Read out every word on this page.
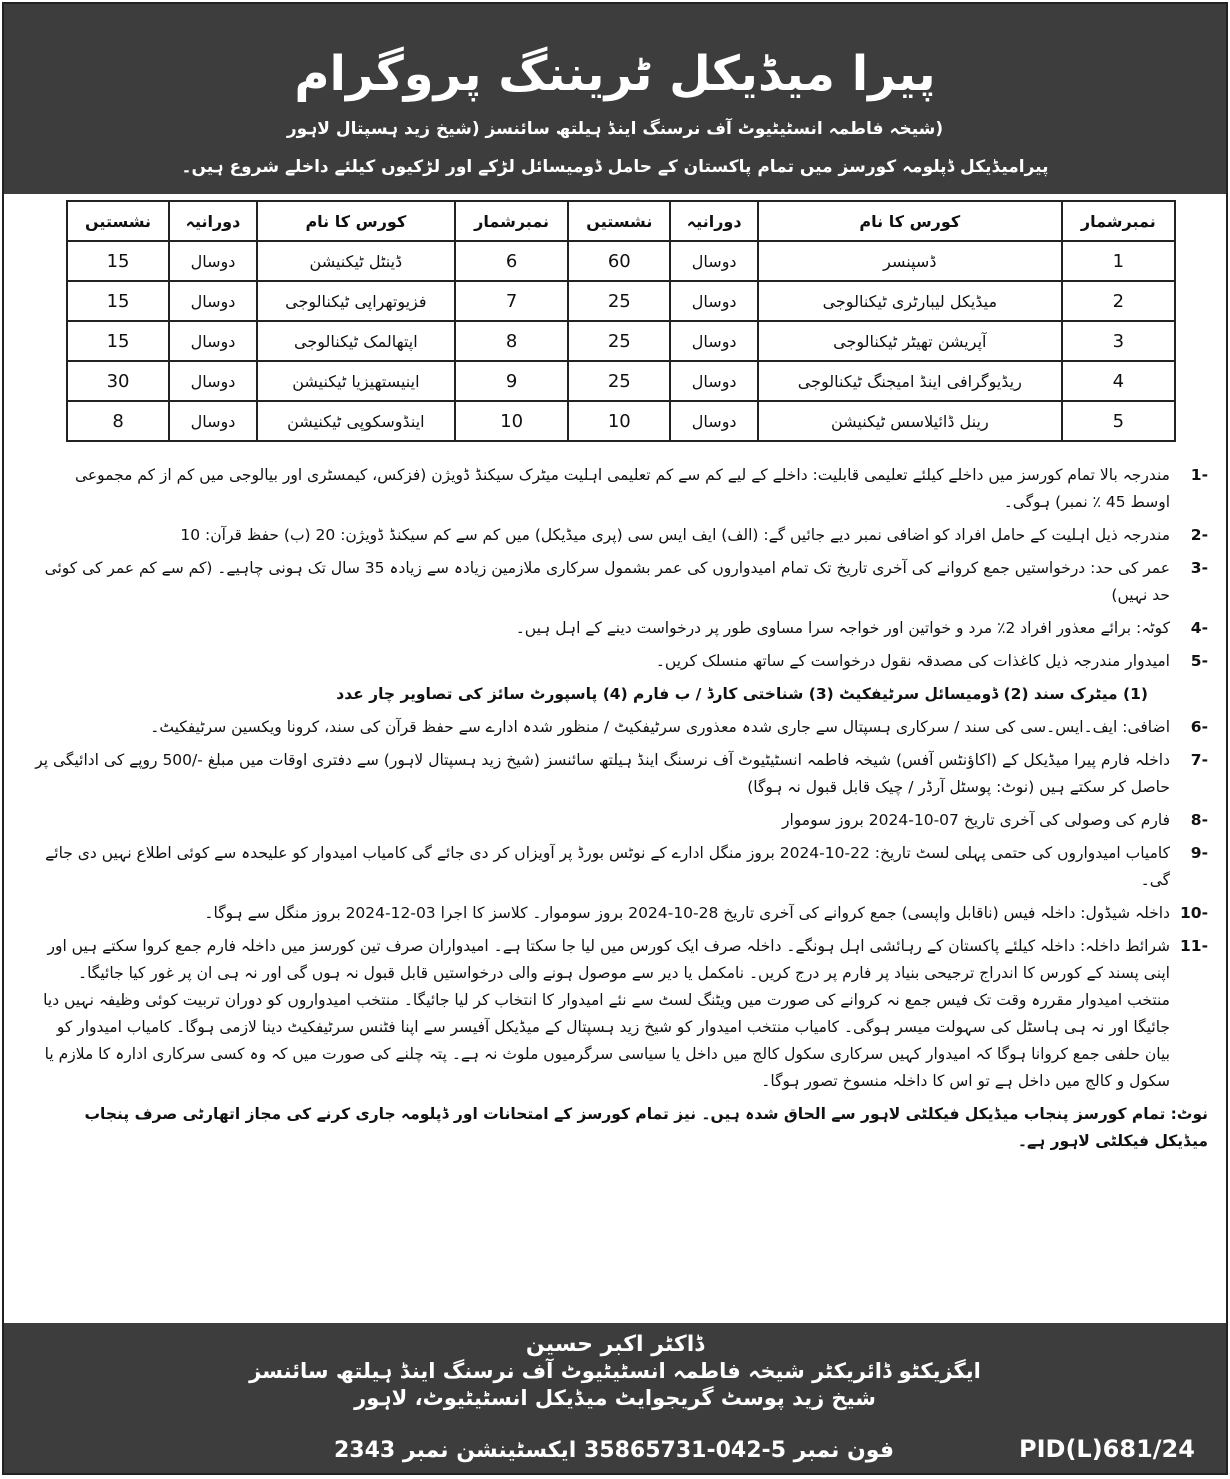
پیرا میڈیکل ٹریننگ پروگرام
(شیخہ فاطمہ انسٹیٹیوٹ آف نرسنگ اینڈ ہیلتھ سائنسز (شیخ زید ہسپتال لاہور
پیرامیڈیکل ڈپلومہ کورسز میں تمام پاکستان کے حامل ڈومیسائل لڑکے اور لڑکیوں کیلئے داخلے شروع ہیں۔
نمبرشمار	کورس کا نام	دورانیہ	نشستیں	نمبرشمار	کورس کا نام	دورانیہ	نشستیں
1	ڈسپنسر	دوسال	60	6	ڈینٹل ٹیکنیشن	دوسال	15
2	میڈیکل لیبارٹری ٹیکنالوجی	دوسال	25	7	فزیوتھراپی ٹیکنالوجی	دوسال	15
3	آپریشن تھیٹر ٹیکنالوجی	دوسال	25	8	اپتھالمک ٹیکنالوجی	دوسال	15
4	ریڈیوگرافی اینڈ امیجنگ ٹیکنالوجی	دوسال	25	9	اینیستھیزیا ٹیکنیشن	دوسال	30
5	رینل ڈائیلاسس ٹیکنیشن	دوسال	10	10	اینڈوسکوپی ٹیکنیشن	دوسال	8
-1
مندرجہ بالا تمام کورسز میں داخلے کیلئے تعلیمی قابلیت: داخلے کے لیے کم سے کم تعلیمی اہلیت میٹرک سیکنڈ ڈویژن (فزکس، کیمسٹری اور بیالوجی میں کم از کم مجموعی اوسط 45 ٪ نمبر) ہوگی۔
-2
مندرجہ ذیل اہلیت کے حامل افراد کو اضافی نمبر دیے جائیں گے: (الف) ایف ایس سی (پری میڈیکل) میں کم سے کم سیکنڈ ڈویژن: 20 (ب) حفظ قرآن: 10
-3
عمر کی حد: درخواستیں جمع کروانے کی آخری تاریخ تک تمام امیدواروں کی عمر بشمول سرکاری ملازمین زیادہ سے زیادہ 35 سال تک ہونی چاہیے۔ (کم سے کم عمر کی کوئی حد نہیں)
-4
کوٹہ: برائے معذور افراد 2٪ مرد و خواتین اور خواجہ سرا مساوی طور پر درخواست دینے کے اہل ہیں۔
-5
امیدوار مندرجہ ذیل کاغذات کی مصدقہ نقول درخواست کے ساتھ منسلک کریں۔
(1) میٹرک سند (2) ڈومیسائل سرٹیفکیٹ (3) شناختی کارڈ / ب فارم (4) پاسپورٹ سائز کی تصاویر چار عدد
-6
اضافی: ایف۔ایس۔سی کی سند / سرکاری ہسپتال سے جاری شدہ معذوری سرٹیفکیٹ / منظور شدہ ادارے سے حفظ قرآن کی سند، کرونا ویکسین سرٹیفکیٹ۔
-7
داخلہ فارم پیرا میڈیکل کے (اکاؤنٹس آفس) شیخہ فاطمہ انسٹیٹیوٹ آف نرسنگ اینڈ ہیلتھ سائنسز (شیخ زید ہسپتال لاہور) سے دفتری اوقات میں مبلغ -/500 روپے کی ادائیگی پر حاصل کر سکتے ہیں (نوٹ: پوسٹل آرڈر / چیک قابل قبول نہ ہوگا)
-8
فارم کی وصولی کی آخری تاریخ 07-10-2024 بروز سوموار
-9
کامیاب امیدواروں کی حتمی پہلی لسٹ تاریخ: 22-10-2024 بروز منگل ادارے کے نوٹس بورڈ پر آویزاں کر دی جائے گی کامیاب امیدوار کو علیحدہ سے کوئی اطلاع نہیں دی جائے گی۔
-10
داخلہ شیڈول: داخلہ فیس (ناقابل واپسی) جمع کروانے کی آخری تاریخ 28-10-2024 بروز سوموار۔ کلاسز کا اجرا 03-12-2024 بروز منگل سے ہوگا۔
-11
شرائط داخلہ: داخلہ کیلئے پاکستان کے رہائشی اہل ہونگے۔ داخلہ صرف ایک کورس میں لیا جا سکتا ہے۔ امیدواران صرف تین کورسز میں داخلہ فارم جمع کروا سکتے ہیں اور اپنی پسند کے کورس کا اندراج ترجیحی بنیاد پر فارم پر درج کریں۔ نامکمل یا دیر سے موصول ہونے والی درخواستیں قابل قبول نہ ہوں گی اور نہ ہی ان پر غور کیا جائیگا۔ منتخب امیدوار مقررہ وقت تک فیس جمع نہ کروانے کی صورت میں ویٹنگ لسٹ سے نئے امیدوار کا انتخاب کر لیا جائیگا۔ منتخب امیدواروں کو دوران تربیت کوئی وظیفہ نہیں دیا جائیگا اور نہ ہی ہاسٹل کی سہولت میسر ہوگی۔ کامیاب منتخب امیدوار کو شیخ زید ہسپتال کے میڈیکل آفیسر سے اپنا فٹنس سرٹیفکیٹ دینا لازمی ہوگا۔ کامیاب امیدوار کو بیان حلفی جمع کروانا ہوگا کہ امیدوار کہیں سرکاری سکول کالج میں داخل یا سیاسی سرگرمیوں ملوث نہ ہے۔ پتہ چلنے کی صورت میں کہ وہ کسی سرکاری ادارہ کا ملازم یا سکول و کالج میں داخل ہے تو اس کا داخلہ منسوخ تصور ہوگا۔
نوٹ: تمام کورسز پنجاب میڈیکل فیکلٹی لاہور سے الحاق شدہ ہیں۔ نیز تمام کورسز کے امتحانات اور ڈپلومہ جاری کرنے کی مجاز اتھارٹی صرف پنجاب میڈیکل فیکلٹی لاہور ہے۔
ڈاکٹر اکبر حسین
ایگزیکٹو ڈائریکٹر شیخہ فاطمہ انسٹیٹیوٹ آف نرسنگ اینڈ ہیلتھ سائنسز
شیخ زید پوسٹ گریجوایٹ میڈیکل انسٹیٹیوٹ، لاہور
فون نمبر 5-042-35865731 ایکسٹینشن نمبر 2343	PID(L)681/24
